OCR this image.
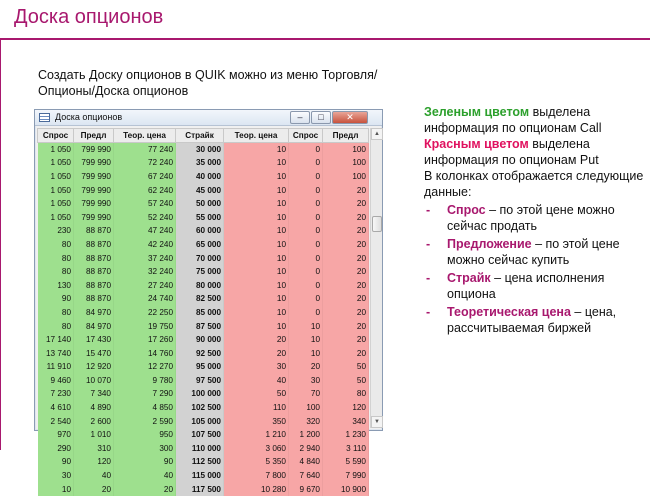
Доска опционов
Создать Доску опционов в QUIK можно из меню Торговля/Опционы/Доска опционов
Доска опционов	–	□	✕
Спрос	Предл	Теор. цена	Страйк	Теор. цена	Спрос	Предл
1 050	799 990	77 240	30 000	10	0	100
1 050	799 990	72 240	35 000	10	0	100
1 050	799 990	67 240	40 000	10	0	100
1 050	799 990	62 240	45 000	10	0	20
1 050	799 990	57 240	50 000	10	0	20
1 050	799 990	52 240	55 000	10	0	20
230	88 870	47 240	60 000	10	0	20
80	88 870	42 240	65 000	10	0	20
80	88 870	37 240	70 000	10	0	20
80	88 870	32 240	75 000	10	0	20
130	88 870	27 240	80 000	10	0	20
90	88 870	24 740	82 500	10	0	20
80	84 970	22 250	85 000	10	0	20
80	84 970	19 750	87 500	10	10	20
17 140	17 430	17 260	90 000	20	10	20
13 740	15 470	14 760	92 500	20	10	20
11 910	12 920	12 270	95 000	30	20	50
9 460	10 070	9 780	97 500	40	30	50
7 230	7 340	7 290	100 000	50	70	80
4 610	4 890	4 850	102 500	110	100	120
2 540	2 600	2 590	105 000	350	320	340
970	1 010	950	107 500	1 210	1 200	1 230
290	310	300	110 000	3 060	2 940	3 110
90	120	90	112 500	5 350	4 840	5 590
30	40	40	115 000	7 800	7 640	7 990
10	20	20	117 500	10 280	9 670	10 900
▲
▼

Зеленым цветом выделена информация по опционам Call

Красным цветом выделена информация по опционам Put

В колонках отображается следующие данные:

- Спрос – по этой цене можно сейчас продать
- Предложение – по этой цене можно сейчас купить
- Страйк – цена исполнения опциона
- Теоретическая цена – цена, рассчитываемая биржей
